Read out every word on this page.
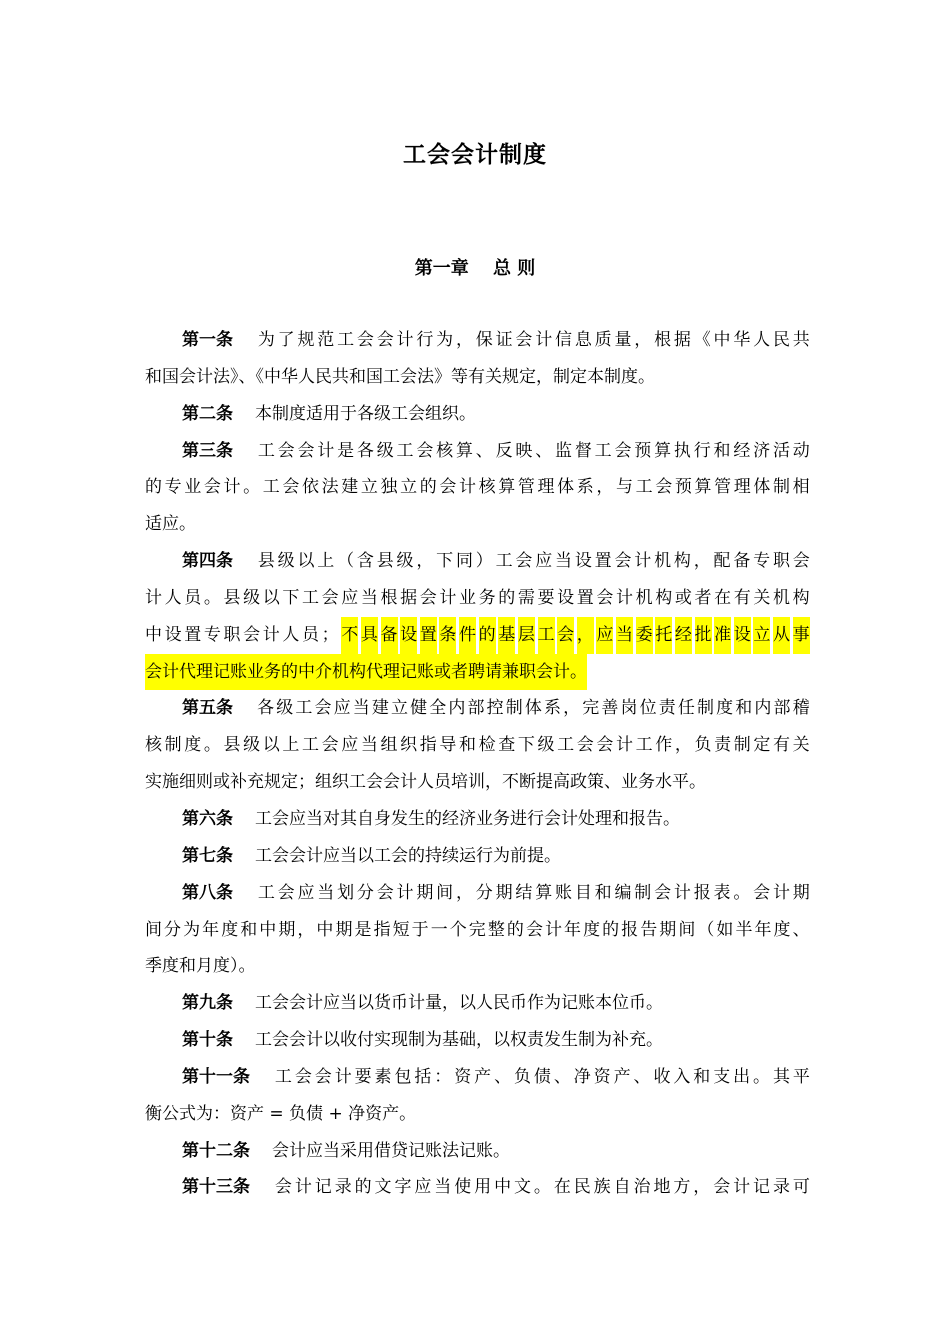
工会会计制度
第一章　 总 则
第一条 为 了 规 范 工 会 会 计 行 为 ， 保 证 会 计 信 息 质 量 ， 根 据 《 中 华 人 民 共
和国会计法》、《中华人民共和国工会法》等有关规定，制定本制度。
第二条 本制度适用于各级工会组织。
第三条 工 会 会 计 是 各 级 工 会 核 算 、 反 映 、 监 督 工 会 预 算 执 行 和 经 济 活 动
的 专 业 会 计 。 工 会 依 法 建 立 独 立 的 会 计 核 算 管 理 体 系 ， 与 工 会 预 算 管 理 体 制 相
适应。
第四条 县 级 以 上 （ 含 县 级 ， 下 同 ） 工 会 应 当 设 置 会 计 机 构 ， 配 备 专 职 会
计 人 员 。 县 级 以 下 工 会 应 当 根 据 会 计 业 务 的 需 要 设 置 会 计 机 构 或 者 在 有 关 机 构
中 设 置 专 职 会 计 人 员 ； 不 具 备 设 置 条 件 的 基 层 工 会 ， 应 当 委 托 经 批 准 设 立 从 事
会计代理记账业务的中介机构代理记账或者聘请兼职会计。
第五条 各 级 工 会 应 当 建 立 健 全 内 部 控 制 体 系 ， 完 善 岗 位 责 任 制 度 和 内 部 稽
核 制 度 。 县 级 以 上 工 会 应 当 组 织 指 导 和 检 查 下 级 工 会 会 计 工 作 ， 负 责 制 定 有 关
实施细则或补充规定；组织工会会计人员培训，不断提高政策、业务水平。
第六条 工会应当对其自身发生的经济业务进行会计处理和报告。
第七条 工会会计应当以工会的持续运行为前提。
第八条 工 会 应 当 划 分 会 计 期 间 ， 分 期 结 算 账 目 和 编 制 会 计 报 表 。 会 计 期
间 分 为 年 度 和 中 期 ， 中 期 是 指 短 于 一 个 完 整 的 会 计 年 度 的 报 告 期 间 （ 如 半 年 度 、
季度和月度）。
第九条 工会会计应当以货币计量，以人民币作为记账本位币。
第十条 工会会计以收付实现制为基础，以权责发生制为补充。
第十一条 工 会 会 计 要 素 包 括 ： 资 产 、 负 债 、 净 资 产 、 收 入 和 支 出 。 其 平
衡公式为：资产 = 负债 + 净资产。
第十二条 会计应当采用借贷记账法记账。
第十三条 会 计 记 录 的 文 字 应 当 使 用 中 文 。 在 民 族 自 治 地 方 ， 会 计 记 录 可
